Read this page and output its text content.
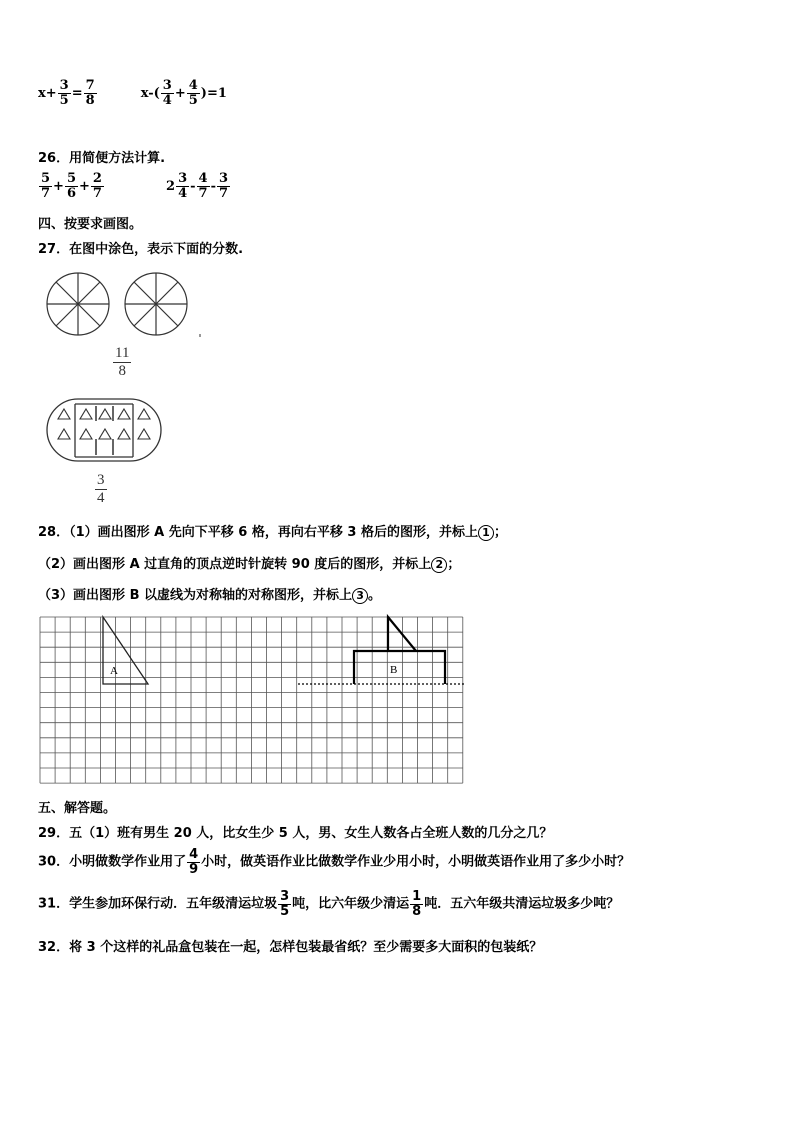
$x+ \frac{3}{5} = \frac{7}{8}$	$x-( \frac{3}{4} + \frac{4}{5} )=1$
26．用简便方法计算.
$\frac{5}{7} + \frac{5}{6} + \frac{2}{7}$	$2 \frac{3}{4} - \frac{4}{7} - \frac{3}{7}$
四、按要求画图。
27．在图中涂色，表示下面的分数.
11
8
3
4
28．（1）画出图形 A 先向下平移 6 格，再向右平移 3 格后的图形，并标上 1 ；
（2）画出图形 A 过直角的顶点逆时针旋转 90 度后的图形，并标上 2 ；
（3）画出图形 B 以虚线为对称轴的对称图形，并标上 3 。
A	B
五、解答题。
29．五（1）班有男生 20 人，比女生少 5 人，男、女生人数各占全班人数的几分之几？
30．小明做数学作业用了 $\frac{4}{9}$ 小时，做英语作业比做数学作业少用小时，小明做英语作业用了多少小时？
31．学生参加环保行动．五年级清运垃圾 $\frac{3}{5}$ 吨，比六年级少清运 $\frac{1}{8}$ 吨．五六年级共清运垃圾多少吨？
32．将 3 个这样的礼品盒包装在一起，怎样包装最省纸？至少需要多大面积的包装纸？
